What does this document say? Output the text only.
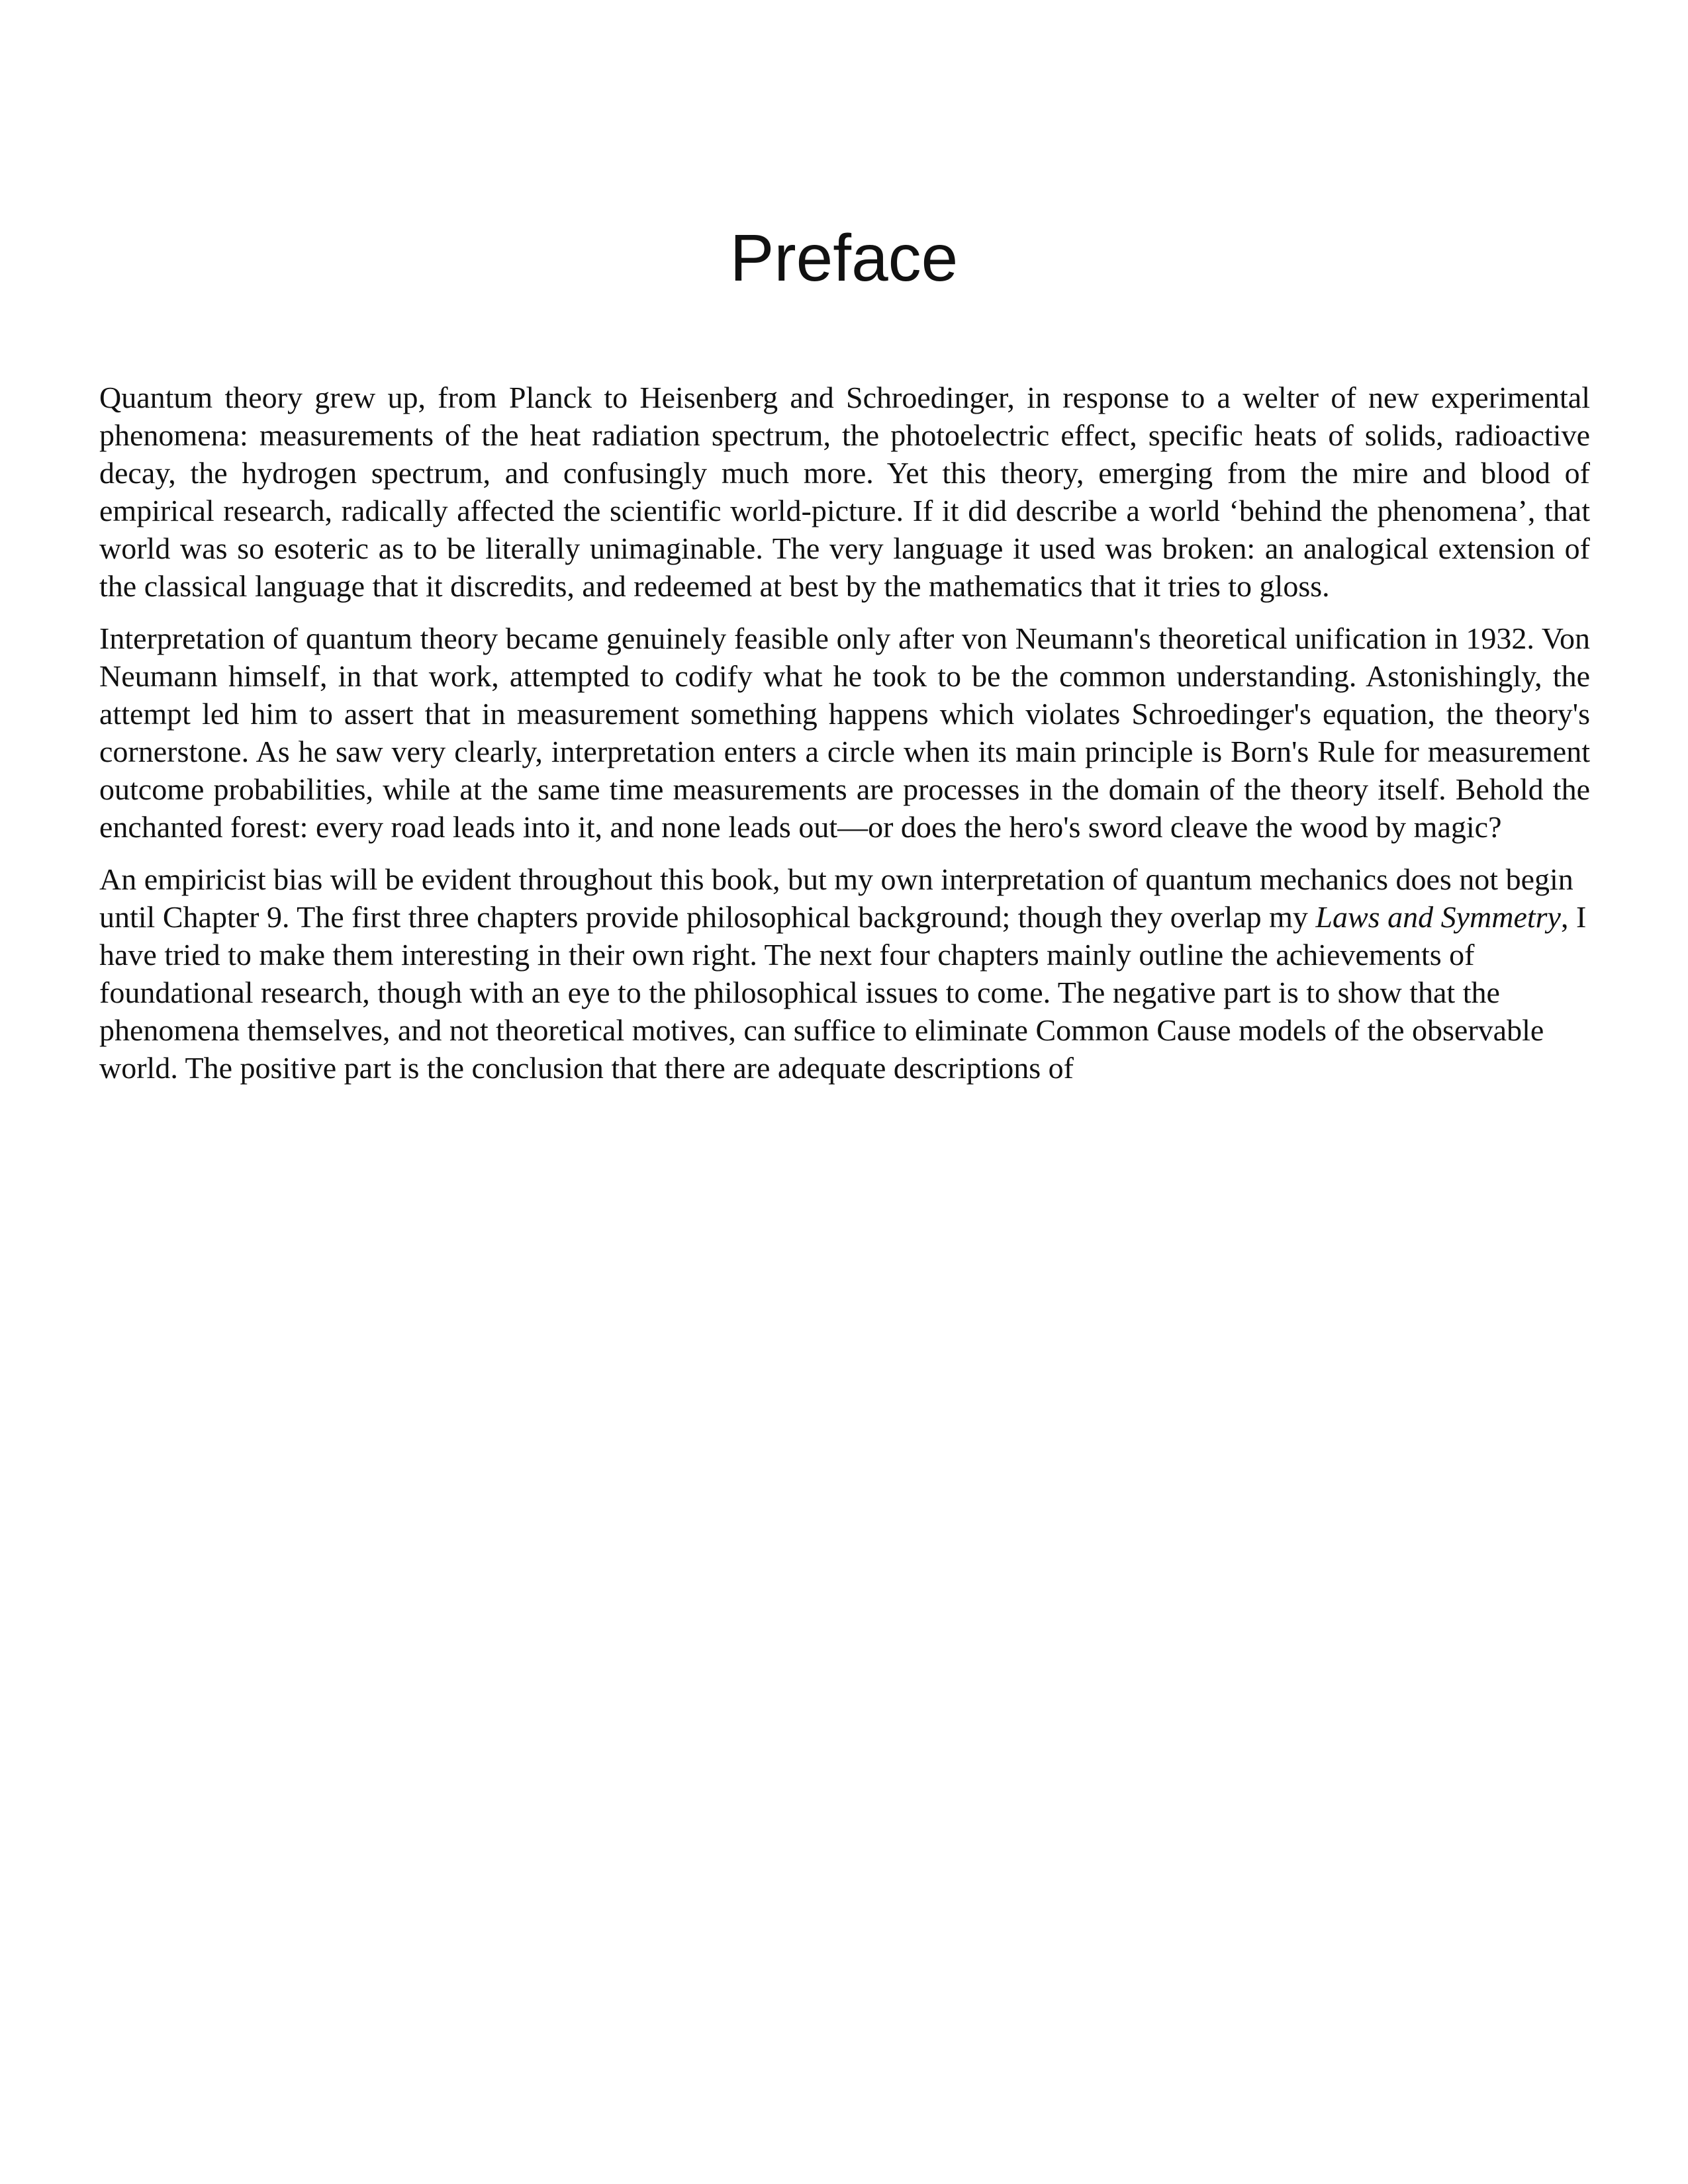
Preface

Quantum theory grew up, from Planck to Heisenberg and Schroedinger, in response to a welter of new experimental phenomena: measurements of the heat radiation spectrum, the photoelectric effect, specific heats of solids, radioactive decay, the hydrogen spectrum, and confusingly much more. Yet this theory, emerging from the mire and blood of empirical research, radically affected the scientific world-picture. If it did describe a world ‘behind the phenomena’, that world was so esoteric as to be literally unimaginable. The very language it used was broken: an analogical extension of the classical language that it discredits, and redeemed at best by the mathematics that it tries to gloss.

Interpretation of quantum theory became genuinely feasible only after von Neumann's theoretical unification in 1932. Von Neumann himself, in that work, attempted to codify what he took to be the common understanding. Astonishingly, the attempt led him to assert that in measurement something happens which violates Schroedinger's equation, the theory's cornerstone. As he saw very clearly, interpretation enters a circle when its main principle is Born's Rule for measurement outcome probabilities, while at the same time measurements are processes in the domain of the theory itself. Behold the enchanted forest: every road leads into it, and none leads out—or does the hero's sword cleave the wood by magic?

An empiricist bias will be evident throughout this book, but my own interpretation of quantum mechanics does not begin until Chapter 9. The first three chapters provide philosophical background; though they overlap my Laws and Symmetry, I have tried to make them interesting in their own right. The next four chapters mainly outline the achievements of foundational research, though with an eye to the philosophical issues to come. The negative part is to show that the phenomena themselves, and not theoretical motives, can suffice to eliminate Common Cause models of the observable world. The positive part is the conclusion that there are adequate descriptions of
